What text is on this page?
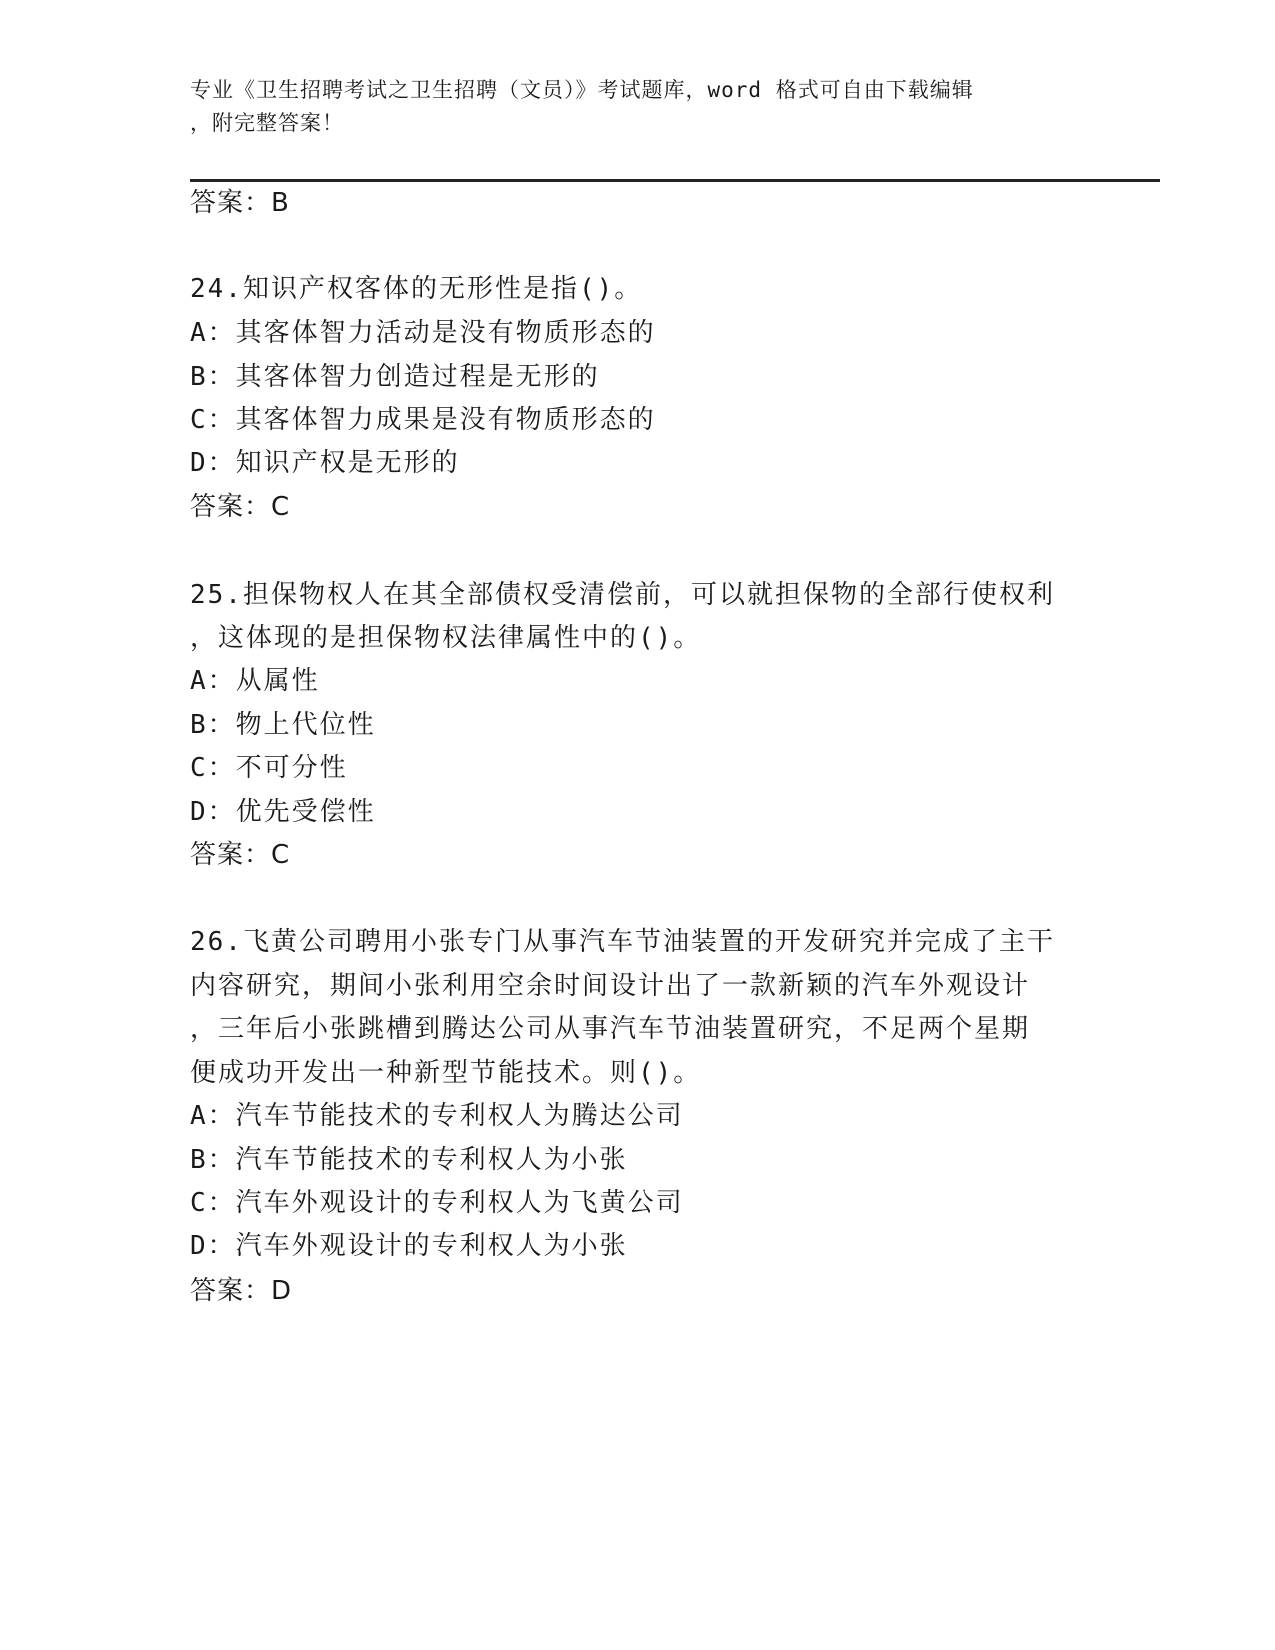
专业《卫生招聘考试之卫生招聘（文员）》考试题库，word 格式可自由下载编辑
，附完整答案！

答案：B

24.知识产权客体的无形性是指()。

A：其客体智力活动是没有物质形态的

B：其客体智力创造过程是无形的

C：其客体智力成果是没有物质形态的

D：知识产权是无形的

答案：C

25.担保物权人在其全部债权受清偿前，可以就担保物的全部行使权利

，这体现的是担保物权法律属性中的()。

A：从属性

B：物上代位性

C：不可分性

D：优先受偿性

答案：C

26.飞黄公司聘用小张专门从事汽车节油装置的开发研究并完成了主干

内容研究，期间小张利用空余时间设计出了一款新颖的汽车外观设计

，三年后小张跳槽到腾达公司从事汽车节油装置研究，不足两个星期

便成功开发出一种新型节能技术。则()。

A：汽车节能技术的专利权人为腾达公司

B：汽车节能技术的专利权人为小张

C：汽车外观设计的专利权人为飞黄公司

D：汽车外观设计的专利权人为小张

答案：D
